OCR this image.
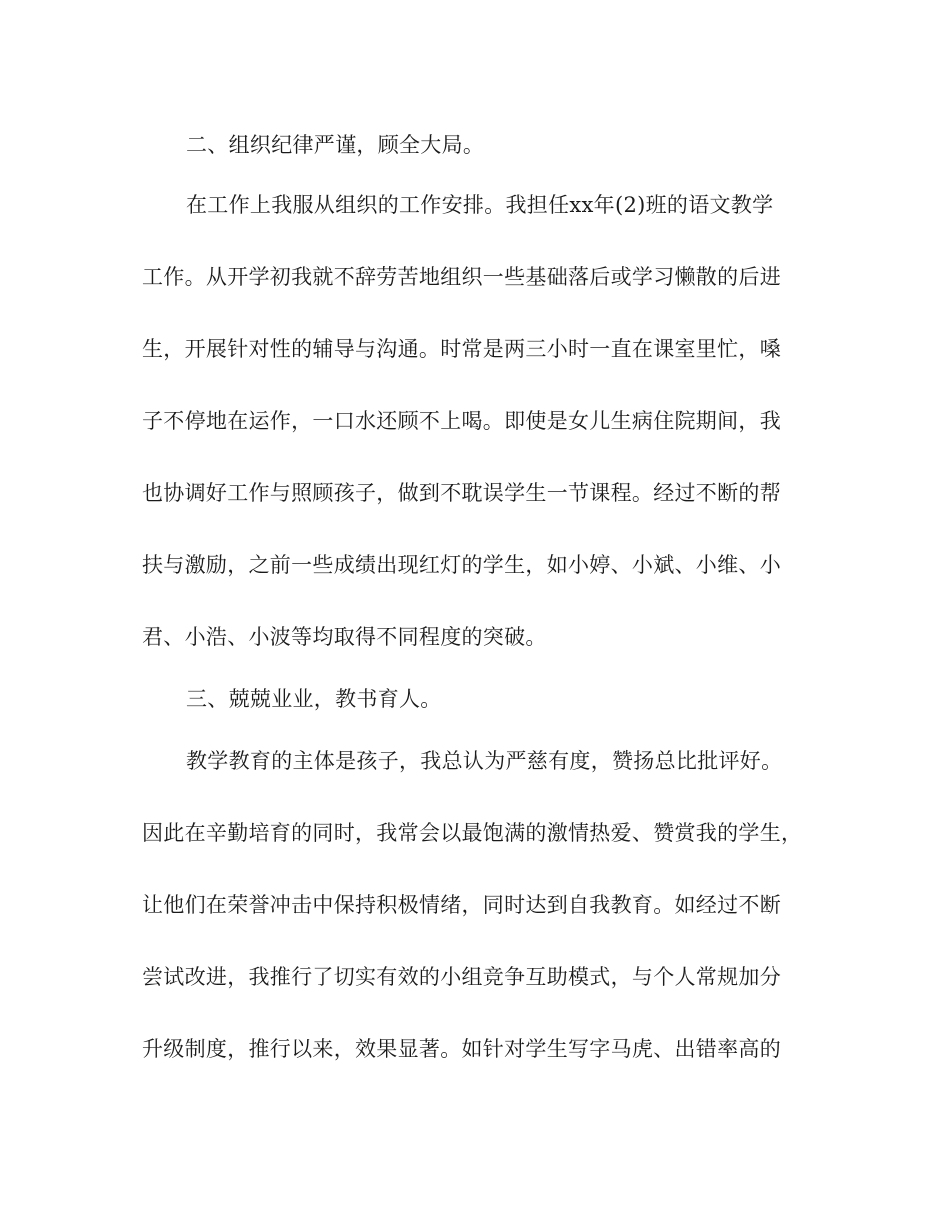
二、组织纪律严谨，顾全大局。
在工作上我服从组织的工作安排。我担任xx年(2)班的语文教学
工作。从开学初我就不辞劳苦地组织一些基础落后或学习懒散的后进
生，开展针对性的辅导与沟通。时常是两三小时一直在课室里忙，嗓
子不停地在运作，一口水还顾不上喝。即使是女儿生病住院期间，我
也协调好工作与照顾孩子，做到不耽误学生一节课程。经过不断的帮
扶与激励，之前一些成绩出现红灯的学生，如小婷、小斌、小维、小
君、小浩、小波等均取得不同程度的突破。
三、兢兢业业，教书育人。
教学教育的主体是孩子，我总认为严慈有度，赞扬总比批评好。
因此在辛勤培育的同时，我常会以最饱满的激情热爱、赞赏我的学生，
让他们在荣誉冲击中保持积极情绪，同时达到自我教育。如经过不断
尝试改进，我推行了切实有效的小组竞争互助模式，与个人常规加分
升级制度，推行以来，效果显著。如针对学生写字马虎、出错率高的
